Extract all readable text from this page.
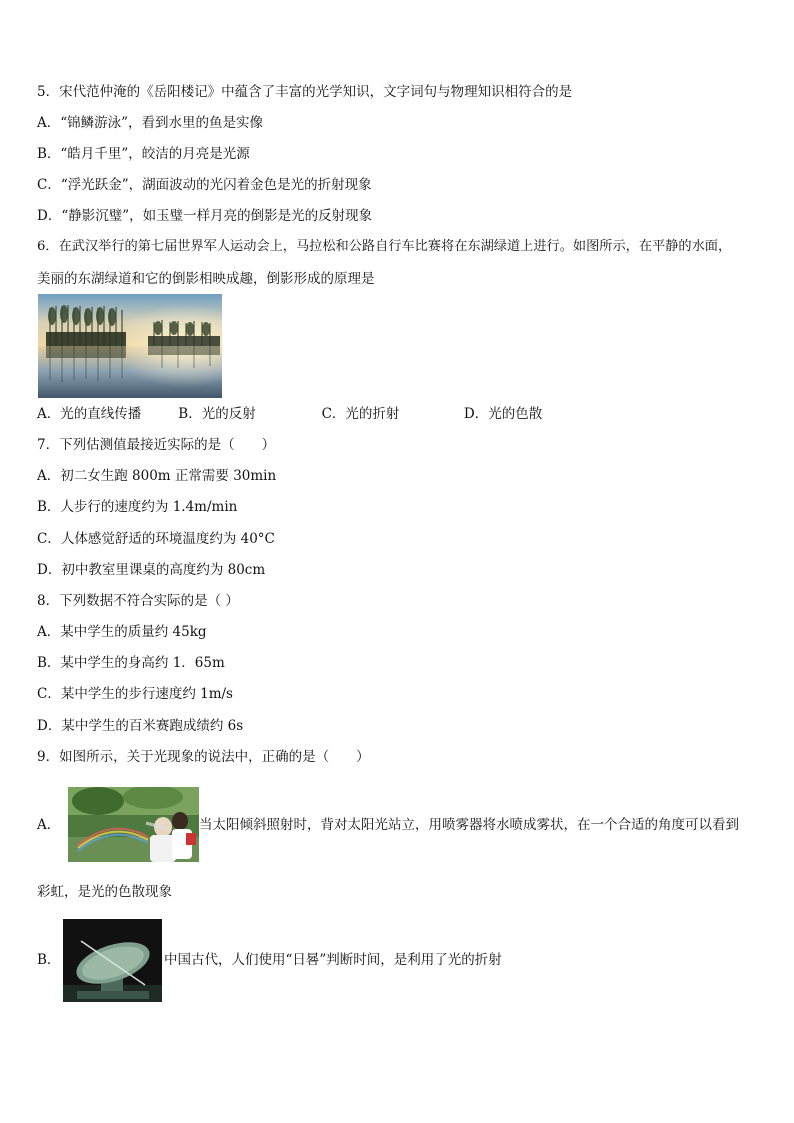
5．宋代范仲淹的《岳阳楼记》中蕴含了丰富的光学知识，文字词句与物理知识相符合的是
A．“锦鳞游泳”，看到水里的鱼是实像
B．“皓月千里”，皎洁的月亮是光源
C．“浮光跃金”，湖面波动的光闪着金色是光的折射现象
D．“静影沉璧”，如玉璧一样月亮的倒影是光的反射现象
6．在武汉举行的第七届世界军人运动会上，马拉松和公路自行车比赛将在东湖绿道上进行。如图所示，在平静的水面，
美丽的东湖绿道和它的倒影相映成趣，倒影形成的原理是
A．光的直线传播	B．光的反射	C．光的折射	D．光的色散
7．下列估测值最接近实际的是（　　）
A．初二女生跑 800m 正常需要 30min
B．人步行的速度约为 1.4m/min
C．人体感觉舒适的环境温度约为 40°C
D．初中教室里课桌的高度约为 80cm
8．下列数据不符合实际的是（ ）
A．某中学生的质量约 45kg
B．某中学生的身高约 1．65m
C．某中学生的步行速度约 1m/s
D．某中学生的百米赛跑成绩约 6s
9．如图所示，关于光现象的说法中，正确的是（　　）
A．	当太阳倾斜照射时，背对太阳光站立，用喷雾器将水喷成雾状，在一个合适的角度可以看到
彩虹，是光的色散现象
B．	中国古代，人们使用“日晷”判断时间，是利用了光的折射
